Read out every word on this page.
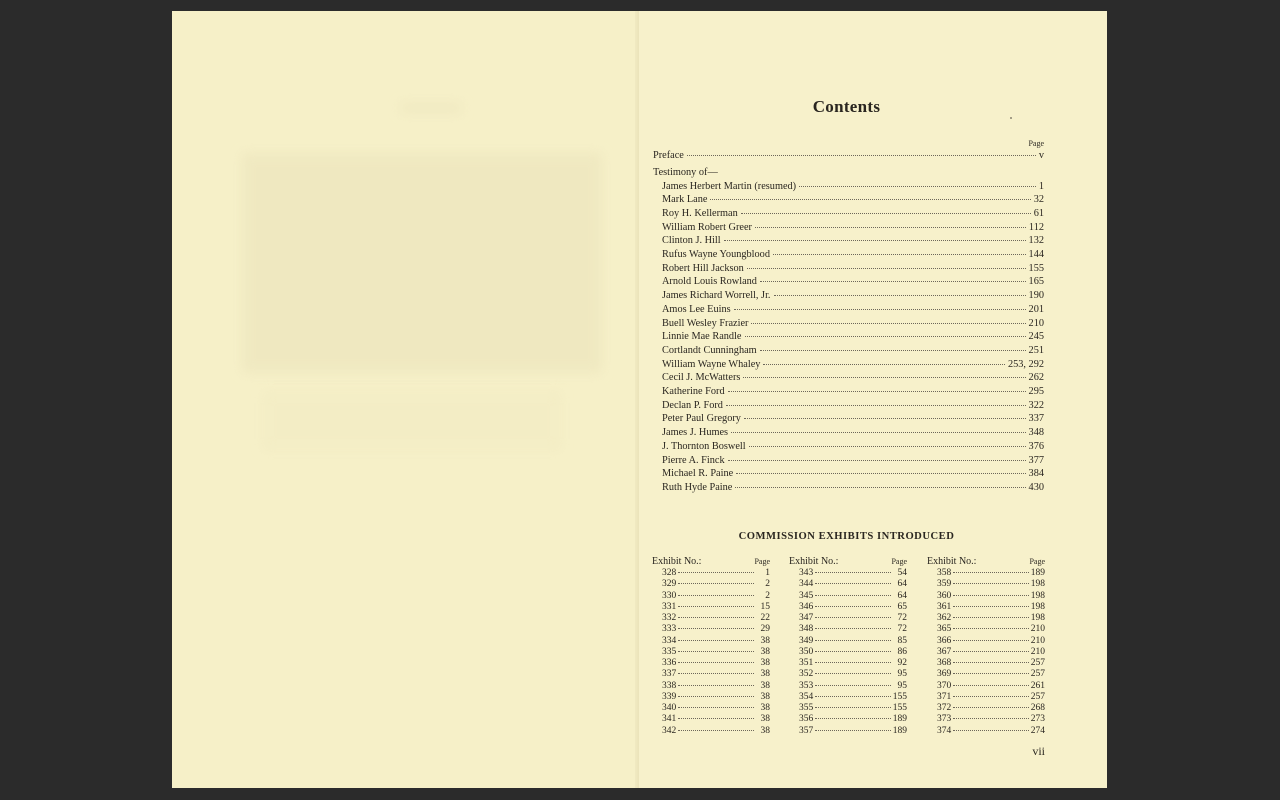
Contents
Page
Preface	v
Testimony of—
James Herbert Martin (resumed)	1
Mark Lane	32
Roy H. Kellerman	61
William Robert Greer	112
Clinton J. Hill	132
Rufus Wayne Youngblood	144
Robert Hill Jackson	155
Arnold Louis Rowland	165
James Richard Worrell, Jr.	190
Amos Lee Euins	201
Buell Wesley Frazier	210
Linnie Mae Randle	245
Cortlandt Cunningham	251
William Wayne Whaley	253, 292
Cecil J. McWatters	262
Katherine Ford	295
Declan P. Ford	322
Peter Paul Gregory	337
James J. Humes	348
J. Thornton Boswell	376
Pierre A. Finck	377
Michael R. Paine	384
Ruth Hyde Paine	430
COMMISSION EXHIBITS INTRODUCED
Exhibit No.:	Page
328	1
329	2
330	2
331	15
332	22
333	29
334	38
335	38
336	38
337	38
338	38
339	38
340	38
341	38
342	38
Exhibit No.:	Page
343	54
344	64
345	64
346	65
347	72
348	72
349	85
350	86
351	92
352	95
353	95
354	155
355	155
356	189
357	189
Exhibit No.:	Page
358	189
359	198
360	198
361	198
362	198
365	210
366	210
367	210
368	257
369	257
370	261
371	257
372	268
373	273
374	274
vii
